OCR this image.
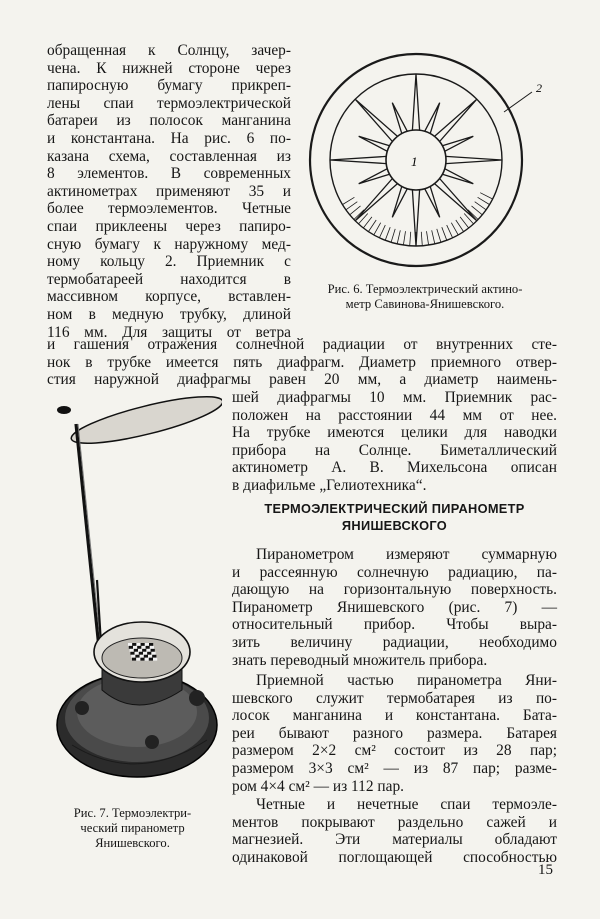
обращенная к Солнцу, зачер-
чена. К нижней стороне через
папиросную бумагу прикреп-
лены спаи термоэлектрической
батареи из полосок манганина
и константана. На рис. 6 по-
казана схема, составленная из
8 элементов. В современных
актинометрах применяют 35 и
более термоэлементов. Четные
спаи приклеены через папиро-
сную бумагу к наружному мед-
ному кольцу 2. Приемник с
термобатареей находится в
массивном корпусе, вставлен-
ном в медную трубку, длиной
116 мм. Для защиты от ветра
1
2
Рис. 6. Термоэлектрический актино-
метр Савинова-Янишевского.
и гашения отражения солнечной радиации от внутренних сте-
нок в трубке имеется пять диафрагм. Диаметр приемного отвер-
стия наружной диафрагмы равен 20 мм, а диаметр наимень-
Рис. 7. Термоэлектри-
ческий пиранометр
Янишевского.
шей диафрагмы 10 мм. Приемник рас-
положен на расстоянии 44 мм от нее.
На трубке имеются целики для наводки
прибора на Солнце. Биметаллический
актинометр А. В. Михельсона описан
в диафильме „Гелиотехника“.
ТЕРМОЭЛЕКТРИЧЕСКИЙ ПИРАНОМЕТР
ЯНИШЕВСКОГО
Пиранометром измеряют суммарную
и рассеянную солнечную радиацию, па-
дающую на горизонтальную поверхность.
Пиранометр Янишевского (рис. 7) —
относительный прибор. Чтобы выра-
зить величину радиации, необходимо
знать переводный множитель прибора.
Приемной частью пиранометра Яни-
шевского служит термобатарея из по-
лосок манганина и константана. Бата-
реи бывают разного размера. Батарея
размером 2×2 см² состоит из 28 пар;
размером 3×3 см² — из 87 пар; разме-
ром 4×4 см² — из 112 пар.
Четные и нечетные спаи термоэле-
ментов покрывают раздельно сажей и
магнезией. Эти материалы обладают
одинаковой поглощающей способностью
15
